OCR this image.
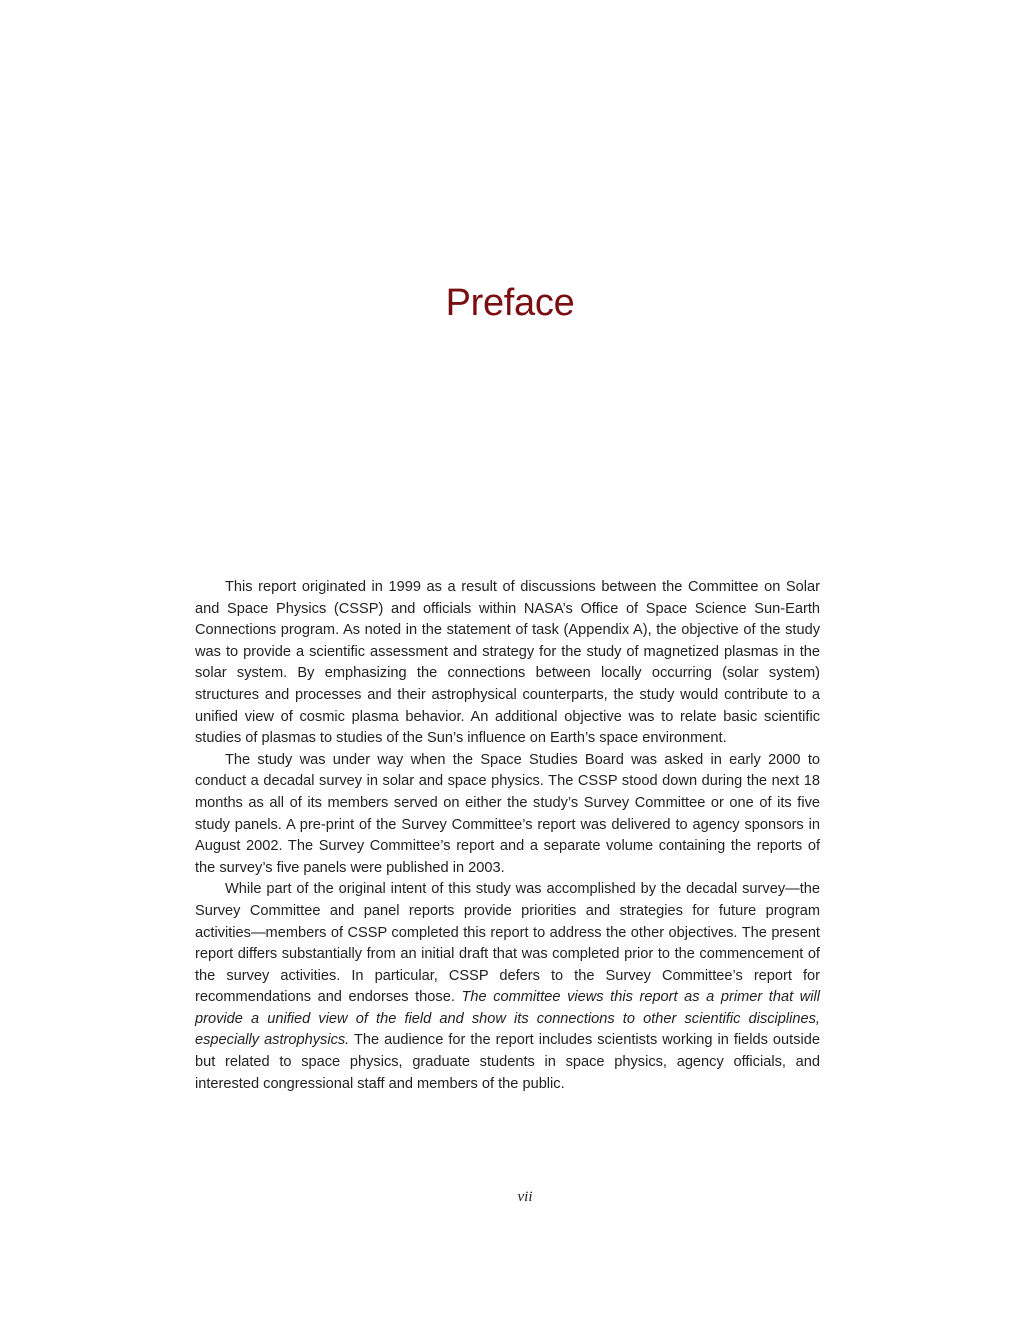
Preface

This report originated in 1999 as a result of discussions between the Committee on Solar and Space Physics (CSSP) and officials within NASA’s Office of Space Science Sun-Earth Connections program. As noted in the statement of task (Appendix A), the objective of the study was to provide a scientific assessment and strategy for the study of magnetized plasmas in the solar system. By emphasizing the connections between locally occurring (solar system) structures and processes and their astrophysical counterparts, the study would contribute to a unified view of cosmic plasma behavior. An additional objective was to relate basic scientific studies of plasmas to studies of the Sun’s influence on Earth’s space environment.

The study was under way when the Space Studies Board was asked in early 2000 to conduct a decadal survey in solar and space physics. The CSSP stood down during the next 18 months as all of its members served on either the study’s Survey Committee or one of its five study panels. A pre-print of the Survey Committee’s report was delivered to agency sponsors in August 2002. The Survey Committee’s report and a separate volume containing the reports of the survey’s five panels were published in 2003.

While part of the original intent of this study was accomplished by the decadal survey—the Survey Committee and panel reports provide priorities and strategies for future program activities—members of CSSP completed this report to address the other objectives. The present report differs substantially from an initial draft that was completed prior to the commencement of the survey activities. In particular, CSSP defers to the Survey Committee’s report for recommendations and endorses those. The committee views this report as a primer that will provide a unified view of the field and show its connections to other scientific disciplines, especially astrophysics. The audience for the report includes scientists working in fields outside but related to space physics, graduate students in space physics, agency officials, and interested congressional staff and members of the public.

vii
